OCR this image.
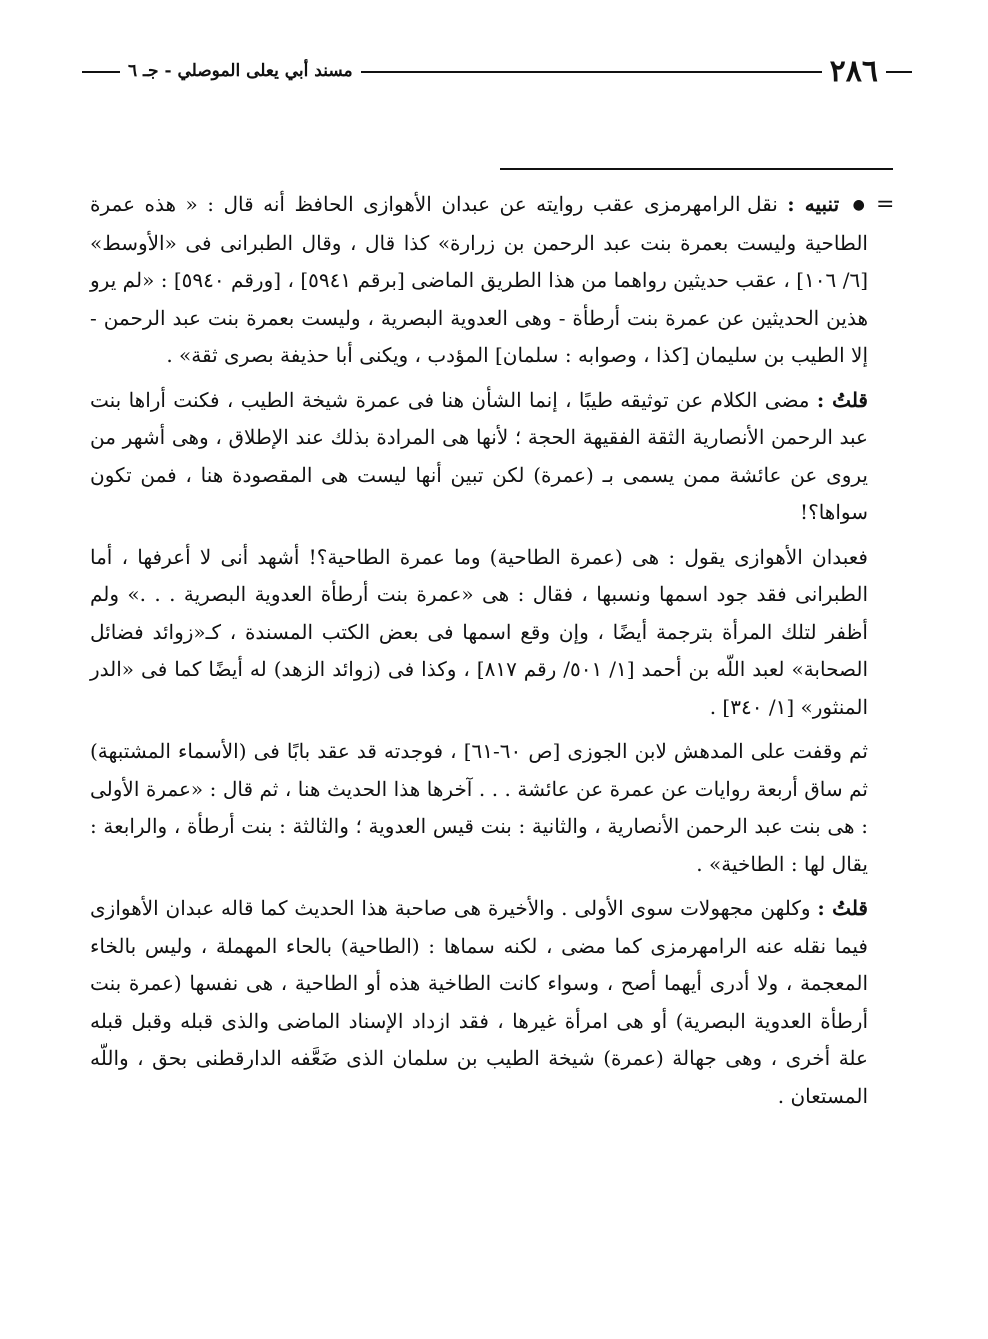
٢٨٦
مسند أبي يعلى الموصلي - جـ ٦
=

● تنبيه : نقل الرامهرمزى عقب روايته عن عبدان الأهوازى الحافظ أنه قال : « هذه عمرة الطاحية وليست بعمرة بنت عبد الرحمن بن زرارة» كذا قال ، وقال الطبرانى فى «الأوسط» [٦/ ١٠٦] ، عقب حديثين رواهما من هذا الطريق الماضى [برقم ٥٩٤١] ، [ورقم ٥٩٤٠] : «لم يرو هذين الحديثين عن عمرة بنت أرطأة - وهى العدوية البصرية ، وليست بعمرة بنت عبد الرحمن - إلا الطيب بن سليمان [كذا ، وصوابه : سلمان] المؤدب ، ويكنى أبا حذيفة بصرى ثقة» .

قلتُ : مضى الكلام عن توثيقه طيبًا ، إنما الشأن هنا فى عمرة شيخة الطيب ، فكنت أراها بنت عبد الرحمن الأنصارية الثقة الفقيهة الحجة ؛ لأنها هى المرادة بذلك عند الإطلاق ، وهى أشهر من يروى عن عائشة ممن يسمى بـ (عمرة) لكن تبين أنها ليست هى المقصودة هنا ، فمن تكون سواها؟!

فعبدان الأهوازى يقول : هى (عمرة الطاحية) وما عمرة الطاحية؟! أشهد أنى لا أعرفها ، أما الطبرانى فقد جود اسمها ونسبها ، فقال : هى «عمرة بنت أرطأة العدوية البصرية . . .» ولم أظفر لتلك المرأة بترجمة أيضًا ، وإن وقع اسمها فى بعض الكتب المسندة ، كـ«زوائد فضائل الصحابة» لعبد اللّه بن أحمد [١/ ٥٠١/ رقم ٨١٧] ، وكذا فى (زوائد الزهد) له أيضًا كما فى «الدر المنثور» [١/ ٣٤٠] .

ثم وقفت على المدهش لابن الجوزى [ص ٦٠-٦١] ، فوجدته قد عقد بابًا فى (الأسماء المشتبهة) ثم ساق أربعة روايات عن عمرة عن عائشة . . . آخرها هذا الحديث هنا ، ثم قال : «عمرة الأولى : هى بنت عبد الرحمن الأنصارية ، والثانية : بنت قيس العدوية ؛ والثالثة : بنت أرطأة ، والرابعة : يقال لها : الطاخية» .

قلتُ : وكلهن مجهولات سوى الأولى . والأخيرة هى صاحبة هذا الحديث كما قاله عبدان الأهوازى فيما نقله عنه الرامهرمزى كما مضى ، لكنه سماها : (الطاحية) بالحاء المهملة ، وليس بالخاء المعجمة ، ولا أدرى أيهما أصح ، وسواء كانت الطاخية هذه أو الطاحية ، هى نفسها (عمرة بنت أرطأة العدوية البصرية) أو هى امرأة غيرها ، فقد ازداد الإسناد الماضى والذى قبله وقبل قبله علة أخرى ، وهى جهالة (عمرة) شيخة الطيب بن سلمان الذى ضَعَّفه الدارقطنى بحق ، واللّه المستعان .
